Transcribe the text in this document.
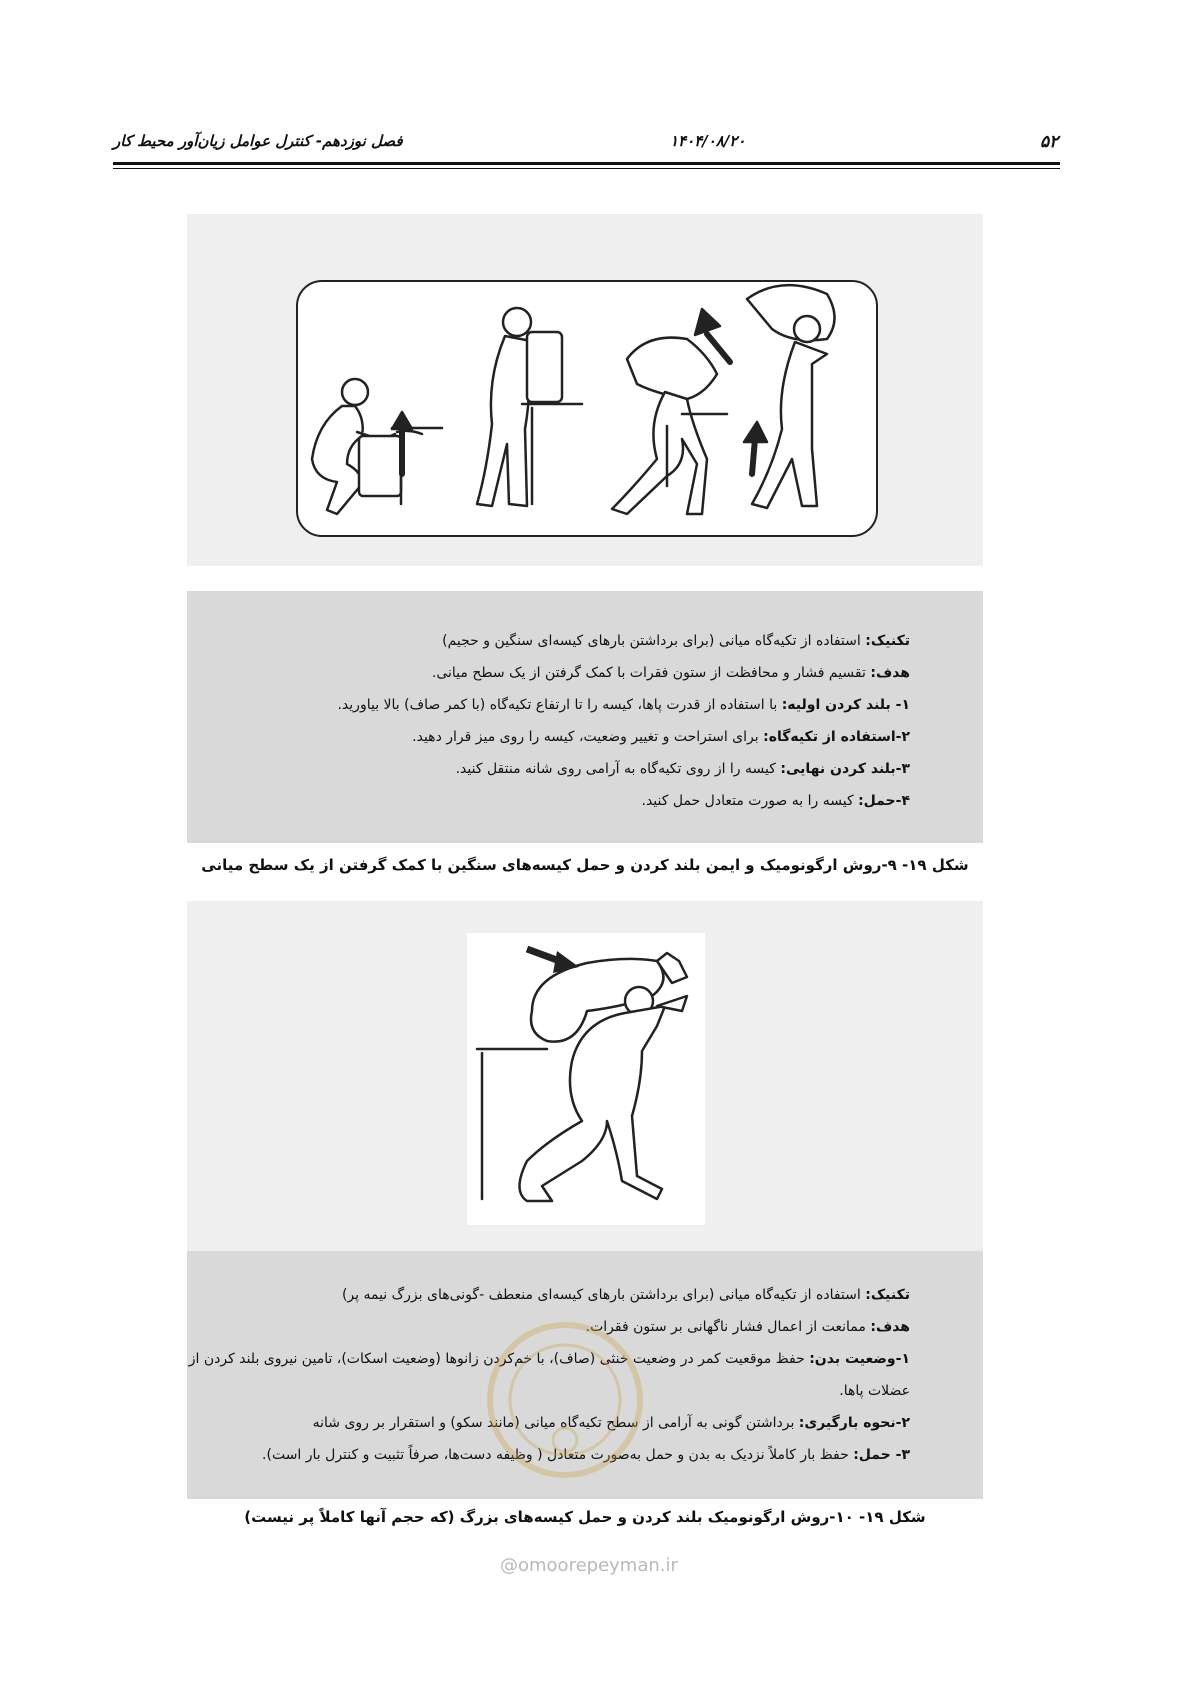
۵۲
۱۴۰۴/۰۸/۲۰
فصل نوزدهم- کنترل عوامل زیان‌آور محیط کار

تکنیک: استفاده از تکیه‌گاه میانی (برای برداشتن بارهای کیسه‌ای سنگین و حجیم)

هدف: تقسیم فشار و محافظت از ستون فقرات با کمک گرفتن از یک سطح میانی.

۱- بلند کردن اولیه: با استفاده از قدرت پاها، کیسه را تا ارتفاع تکیه‌گاه (با کمر صاف) بالا بیاورید.

۲-استفاده از تکیه‌گاه: برای استراحت و تغییر وضعیت، کیسه را روی میز قرار دهید.

۳-بلند کردن نهایی: کیسه را از روی تکیه‌گاه به آرامی روی شانه منتقل کنید.

۴-حمل: کیسه را به صورت متعادل حمل کنید.

شکل ۱۹- ۹-روش ارگونومیک و ایمن بلند کردن و حمل کیسه‌های سنگین با کمک گرفتن از یک سطح میانی

تکنیک: استفاده از تکیه‌گاه میانی (برای برداشتن بارهای کیسه‌ای منعطف -گونی‌های بزرگ نیمه پر)

هدف: ممانعت از اعمال فشار ناگهانی بر ستون فقرات.

۱-وضعیت بدن: حفظ موقعیت کمر در وضعیت خنثی (صاف)، با خم‌کردن زانوها (وضعیت اسکات)، تامین نیروی بلند کردن از عضلات پاها.

۲-نحوه بارگیری: برداشتن گونی به آرامی از سطح تکیه‌گاه میانی (مانند سکو) و استقرار بر روی شانه

۳- حمل: حفظ بار کاملاً نزدیک به بدن و حمل به‌صورت متعادل ( وظیفه دست‌ها، صرفاً تثبیت و کنترل بار است).

شکل ۱۹- ۱۰-روش ارگونومیک بلند کردن و حمل کیسه‌های بزرگ (که حجم آنها کاملاً پر نیست)
@omoorepeyman.ir
